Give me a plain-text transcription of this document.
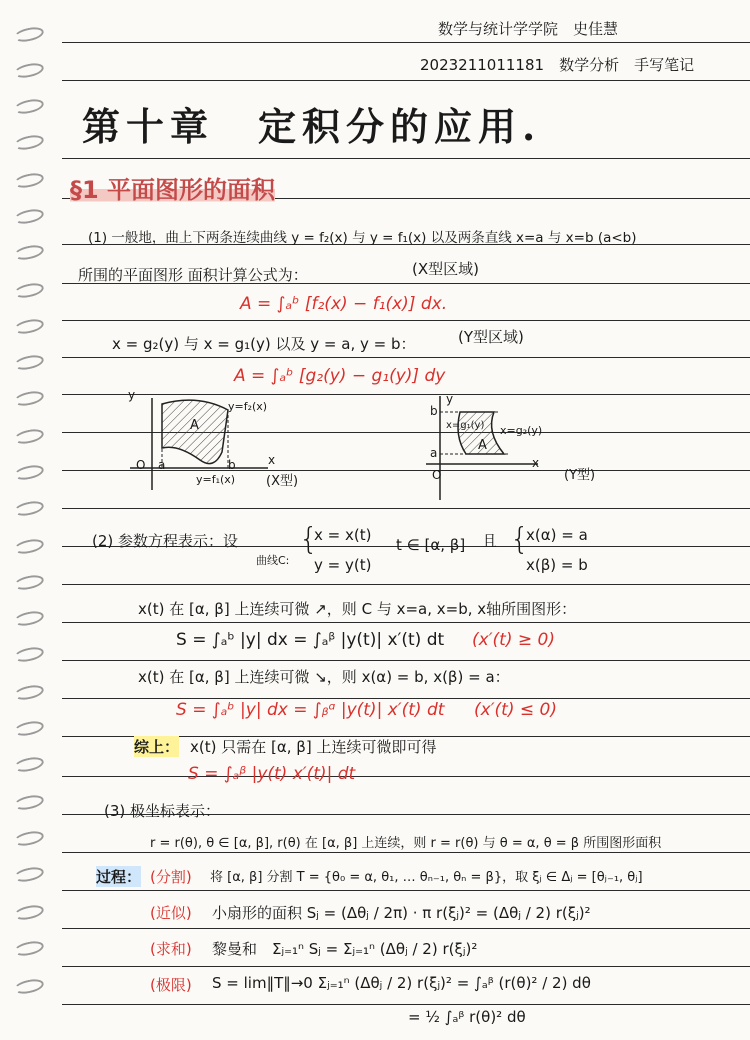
数学与统计学学院　史佳慧
2023211011181　数学分析　手写笔记
第十章　定积分的应用.
§1 平面图形的面积
(1) 一般地，曲上下两条连续曲线 y = f₂(x) 与 y = f₁(x) 以及两条直线 x=a 与 x=b (a<b)
所围的平面图形 面积计算公式为：	(X型区域)
A = ∫ₐᵇ [f₂(x) − f₁(x)] dx.
x = g₂(y) 与 x = g₁(y) 以及 y = a, y = b：	(Y型区域)
A = ∫ₐᵇ [g₂(y) − g₁(y)] dy
y
x
O a	b
A
y=f₂(x)
y=f₁(x) (X型)
y
x
b
a
O
A
x=g₁(y) x=g₂(y)
(Y型)
(2) 参数方程表示：设
曲线C:
{
x = x(t)
y = y(t)
t ∈ [α, β] 且 {
x(α) = a
x(β) = b
x(t) 在 [α, β] 上连续可微 ↗，则 C 与 x=a, x=b, x轴所围图形：
S = ∫ₐᵇ |y| dx = ∫ₐᵝ |y(t)| x′(t) dt (x′(t) ≥ 0)
x(t) 在 [α, β] 上连续可微 ↘，则 x(α) = b, x(β) = a：
S = ∫ₐᵇ |y| dx = ∫ᵦᵅ |y(t)| x′(t) dt (x′(t) ≤ 0)
综上： x(t) 只需在 [α, β] 上连续可微即可得
S = ∫ₐᵝ |y(t) x′(t)| dt
(3) 极坐标表示：
r = r(θ), θ ∈ [α, β], r(θ) 在 [α, β] 上连续，则 r = r(θ) 与 θ = α, θ = β 所围图形面积
过程： (分割) 将 [α, β] 分割 T = {θ₀ = α, θ₁, … θₙ₋₁, θₙ = β}，取 ξⱼ ∈ Δⱼ = [θⱼ₋₁, θⱼ]
(近似) 小扇形的面积 Sⱼ = (Δθⱼ / 2π) · π r(ξⱼ)² = (Δθⱼ / 2) r(ξⱼ)²
(求和) 黎曼和　Σⱼ₌₁ⁿ Sⱼ = Σⱼ₌₁ⁿ (Δθⱼ / 2) r(ξⱼ)²
(极限) S = lim‖T‖→0 Σⱼ₌₁ⁿ (Δθⱼ / 2) r(ξⱼ)² = ∫ₐᵝ (r(θ)² / 2) dθ
= ½ ∫ₐᵝ r(θ)² dθ
